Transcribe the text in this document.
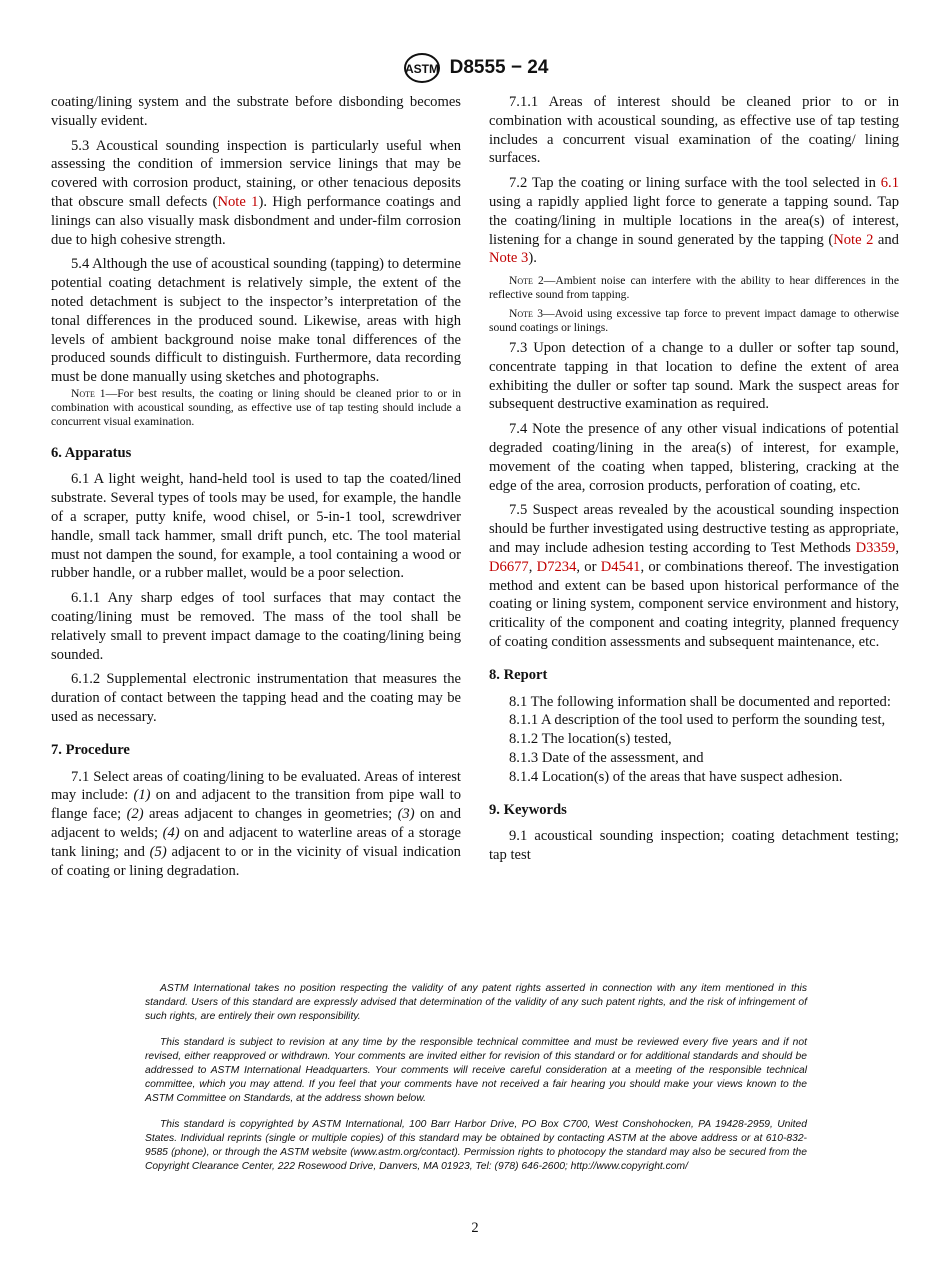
ASTM D8555 − 24

coating/lining system and the substrate before disbonding becomes visually evident.

5.3 Acoustical sounding inspection is particularly useful when assessing the condition of immersion service linings that may be covered with corrosion product, staining, or other tenacious deposits that obscure small defects (Note 1). High performance coatings and linings can also visually mask disbondment and under-film corrosion due to high cohesive strength.

5.4 Although the use of acoustical sounding (tapping) to determine potential coating detachment is relatively simple, the extent of the noted detachment is subject to the inspector’s interpretation of the tonal differences in the produced sound. Likewise, areas with high levels of ambient background noise make tonal differences of the produced sounds difficult to distinguish. Furthermore, data recording must be done manually using sketches and photographs.

Note 1—For best results, the coating or lining should be cleaned prior to or in combination with acoustical sounding, as effective use of tap testing should include a concurrent visual examination.

6. Apparatus

6.1 A light weight, hand-held tool is used to tap the coated/lined substrate. Several types of tools may be used, for example, the handle of a scraper, putty knife, wood chisel, or 5-in-1 tool, screwdriver handle, small tack hammer, small drift punch, etc. The tool material must not dampen the sound, for example, a tool containing a wood or rubber handle, or a rubber mallet, would be a poor selection.

6.1.1 Any sharp edges of tool surfaces that may contact the coating/lining must be removed. The mass of the tool shall be relatively small to prevent impact damage to the coating/lining being sounded.

6.1.2 Supplemental electronic instrumentation that measures the duration of contact between the tapping head and the coating may be used as necessary.

7. Procedure

7.1 Select areas of coating/lining to be evaluated. Areas of interest may include: (1) on and adjacent to the transition from pipe wall to flange face; (2) areas adjacent to changes in geometries; (3) on and adjacent to welds; (4) on and adjacent to waterline areas of a storage tank lining; and (5) adjacent to or in the vicinity of visual indication of coating or lining degradation.

7.1.1 Areas of interest should be cleaned prior to or in combination with acoustical sounding, as effective use of tap testing includes a concurrent visual examination of the coating/ lining surfaces.

7.2 Tap the coating or lining surface with the tool selected in 6.1 using a rapidly applied light force to generate a tapping sound. Tap the coating/lining in multiple locations in the area(s) of interest, listening for a change in sound generated by the tapping (Note 2 and Note 3).

Note 2—Ambient noise can interfere with the ability to hear differences in the reflective sound from tapping.

Note 3—Avoid using excessive tap force to prevent impact damage to otherwise sound coatings or linings.

7.3 Upon detection of a change to a duller or softer tap sound, concentrate tapping in that location to define the extent of area exhibiting the duller or softer tap sound. Mark the suspect areas for subsequent destructive examination as required.

7.4 Note the presence of any other visual indications of potential degraded coating/lining in the area(s) of interest, for example, movement of the coating when tapped, blistering, cracking at the edge of the area, corrosion products, perforation of coating, etc.

7.5 Suspect areas revealed by the acoustical sounding inspection should be further investigated using destructive testing as appropriate, and may include adhesion testing according to Test Methods D3359, D6677, D7234, or D4541, or combinations thereof. The investigation method and extent can be based upon historical performance of the coating or lining system, component service environment and history, criticality of the component and coating integrity, planned frequency of coating condition assessments and subsequent maintenance, etc.

8. Report

8.1 The following information shall be documented and reported:

8.1.1 A description of the tool used to perform the sounding test,

8.1.2 The location(s) tested,

8.1.3 Date of the assessment, and

8.1.4 Location(s) of the areas that have suspect adhesion.

9. Keywords

9.1 acoustical sounding inspection; coating detachment testing; tap test

ASTM International takes no position respecting the validity of any patent rights asserted in connection with any item mentioned in this standard. Users of this standard are expressly advised that determination of the validity of any such patent rights, and the risk of infringement of such rights, are entirely their own responsibility.

This standard is subject to revision at any time by the responsible technical committee and must be reviewed every five years and if not revised, either reapproved or withdrawn. Your comments are invited either for revision of this standard or for additional standards and should be addressed to ASTM International Headquarters. Your comments will receive careful consideration at a meeting of the responsible technical committee, which you may attend. If you feel that your comments have not received a fair hearing you should make your views known to the ASTM Committee on Standards, at the address shown below.

This standard is copyrighted by ASTM International, 100 Barr Harbor Drive, PO Box C700, West Conshohocken, PA 19428-2959, United States. Individual reprints (single or multiple copies) of this standard may be obtained by contacting ASTM at the above address or at 610-832-9585 (phone), or through the ASTM website (www.astm.org/contact). Permission rights to photocopy the standard may also be secured from the Copyright Clearance Center, 222 Rosewood Drive, Danvers, MA 01923, Tel: (978) 646-2600; http://www.copyright.com/

2
